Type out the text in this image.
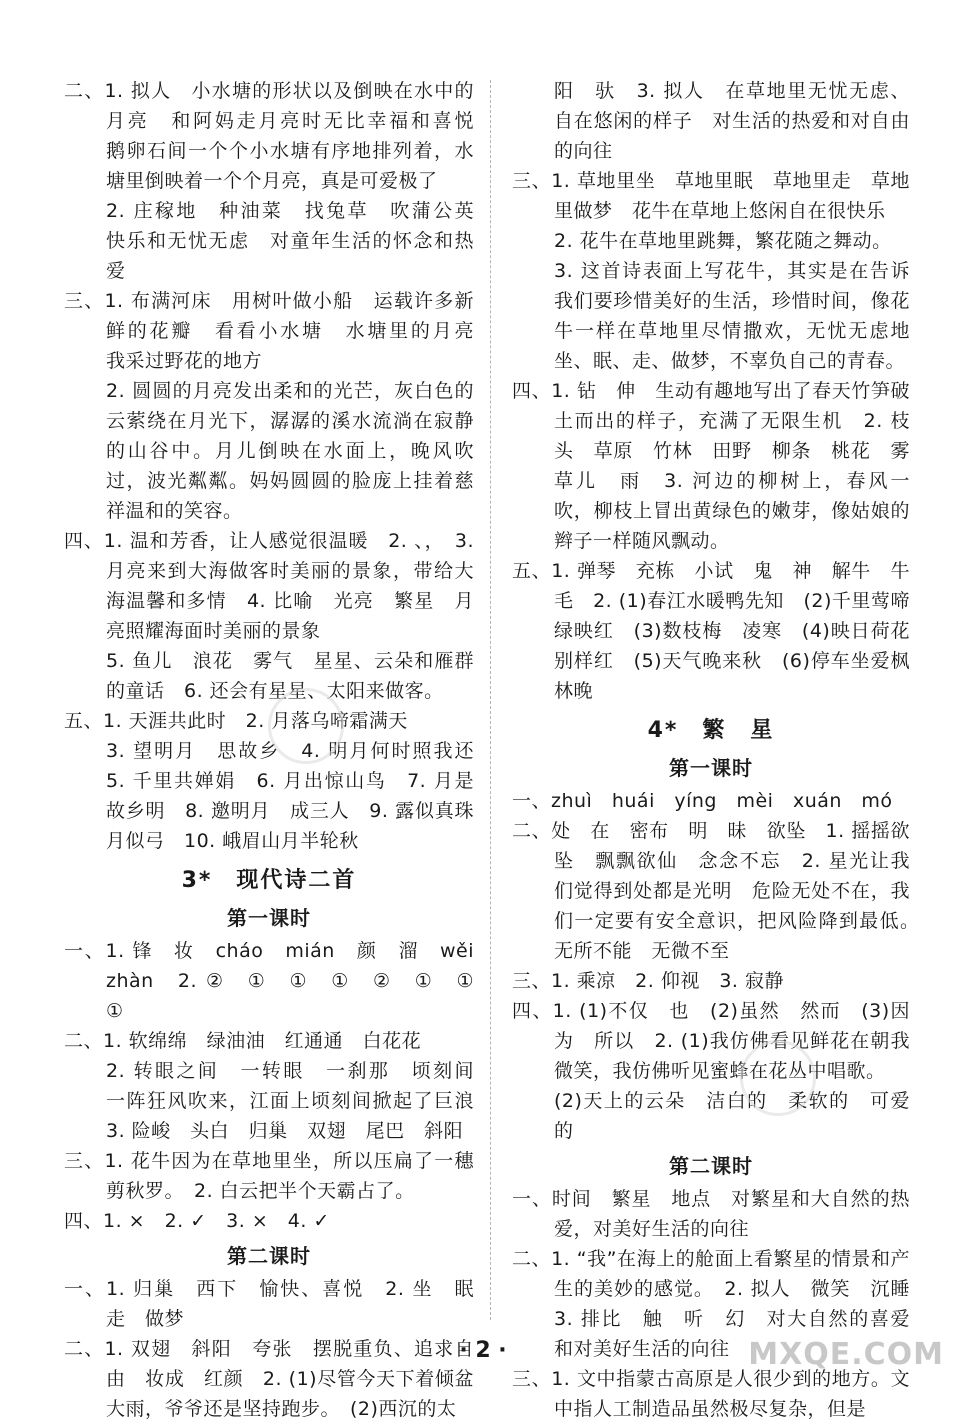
二、1. 拟人　小水塘的形状以及倒映在水中的月亮　和阿妈走月亮时无比幸福和喜悦　鹅卵石间一个个小水塘有序地排列着，水塘里倒映着一个个月亮，真是可爱极了
2. 庄稼地　种油菜　找兔草　吹蒲公英　快乐和无忧无虑　对童年生活的怀念和热爱
三、1. 布满河床　用树叶做小船　运载许多新鲜的花瓣　看看小水塘　水塘里的月亮　我采过野花的地方
2. 圆圆的月亮发出柔和的光芒，灰白色的云萦绕在月光下，潺潺的溪水流淌在寂静的山谷中。月儿倒映在水面上，晚风吹过，波光粼粼。妈妈圆圆的脸庞上挂着慈祥温和的笑容。
四、1. 温和芳香，让人感觉很温暖　2. 、，　3. 月亮来到大海做客时美丽的景象，带给大海温馨和多情　4. 比喻　光亮　繁星　月亮照耀海面时美丽的景象
5. 鱼儿　浪花　雾气　星星、云朵和雁群的童话　6. 还会有星星、太阳来做客。
五、1. 天涯共此时　2. 月落乌啼霜满天
3. 望明月　思故乡　4. 明月何时照我还　5. 千里共婵娟　6. 月出惊山鸟　7. 月是故乡明　8. 邀明月　成三人　9. 露似真珠月似弓　10. 峨眉山月半轮秋
3*　现代诗二首
第一课时
一、1. 锋　妆　cháo　mián　颜　溜　wěi　zhàn　2. ②　①　①　①　②　①　①　①
二、1. 软绵绵　绿油油　红通通　白花花
2. 转眼之间　一转眼　一刹那　顷刻间　一阵狂风吹来，江面上顷刻间掀起了巨浪　3. 险峻　头白　归巢　双翅　尾巴　斜阳
三、1. 花牛因为在草地里坐，所以压扁了一穗剪秋罗。　2. 白云把半个天霸占了。
四、1. ×　2. ✓　3. ×　4. ✓
第二课时
一、1. 归巢　西下　愉快、喜悦　2. 坐　眠　走　做梦
二、1. 双翅　斜阳　夸张　摆脱重负、追求自由　妆成　红颜　2. (1)尽管今天下着倾盆大雨，爷爷还是坚持跑步。　(2)西沉的太
阳　驮　3. 拟人　在草地里无忧无虑、自在悠闲的样子　对生活的热爱和对自由的向往
三、1. 草地里坐　草地里眠　草地里走　草地里做梦　花牛在草地上悠闲自在很快乐
2. 花牛在草地里跳舞，繁花随之舞动。
3. 这首诗表面上写花牛，其实是在告诉我们要珍惜美好的生活，珍惜时间，像花牛一样在草地里尽情撒欢，无忧无虑地坐、眠、走、做梦，不辜负自己的青春。
四、1. 钻　伸　生动有趣地写出了春天竹笋破土而出的样子，充满了无限生机　2. 枝头　草原　竹林　田野　柳条　桃花　雾　草儿　雨　3. 河边的柳树上，春风一吹，柳枝上冒出黄绿色的嫩芽，像姑娘的辫子一样随风飘动。
五、1. 弹琴　充栋　小试　鬼　神　解牛　牛　毛　2. (1)春江水暖鸭先知　(2)千里莺啼绿映红　(3)数枝梅　凌寒　(4)映日荷花别样红　(5)天气晚来秋　(6)停车坐爱枫林晚
4*　繁　星
第一课时
一、zhuì　huái　yíng　mèi　xuán　mó
二、处　在　密布　明　昧　欲坠　1. 摇摇欲坠　飘飘欲仙　念念不忘　2. 星光让我们觉得到处都是光明　危险无处不在，我们一定要有安全意识，把风险降到最低。　无所不能　无微不至
三、1. 乘凉　2. 仰视　3. 寂静
四、1. (1)不仅　也　(2)虽然　然而　(3)因为　所以　2. (1)我仿佛看见鲜花在朝我微笑，我仿佛听见蜜蜂在花丛中唱歌。
(2)天上的云朵　洁白的　柔软的　可爱的
第二课时
一、时间　繁星　地点　对繁星和大自然的热爱，对美好生活的向往
二、1. “我”在海上的舱面上看繁星的情景和产生的美妙的感觉。　2. 拟人　微笑　沉睡　3. 排比　触　听　幻　对大自然的喜爱和对美好生活的向往
三、1. 文中指蒙古高原是人很少到的地方。文中指人工制造品虽然极尽复杂，但是
· 2 ·	MXQE.COM
